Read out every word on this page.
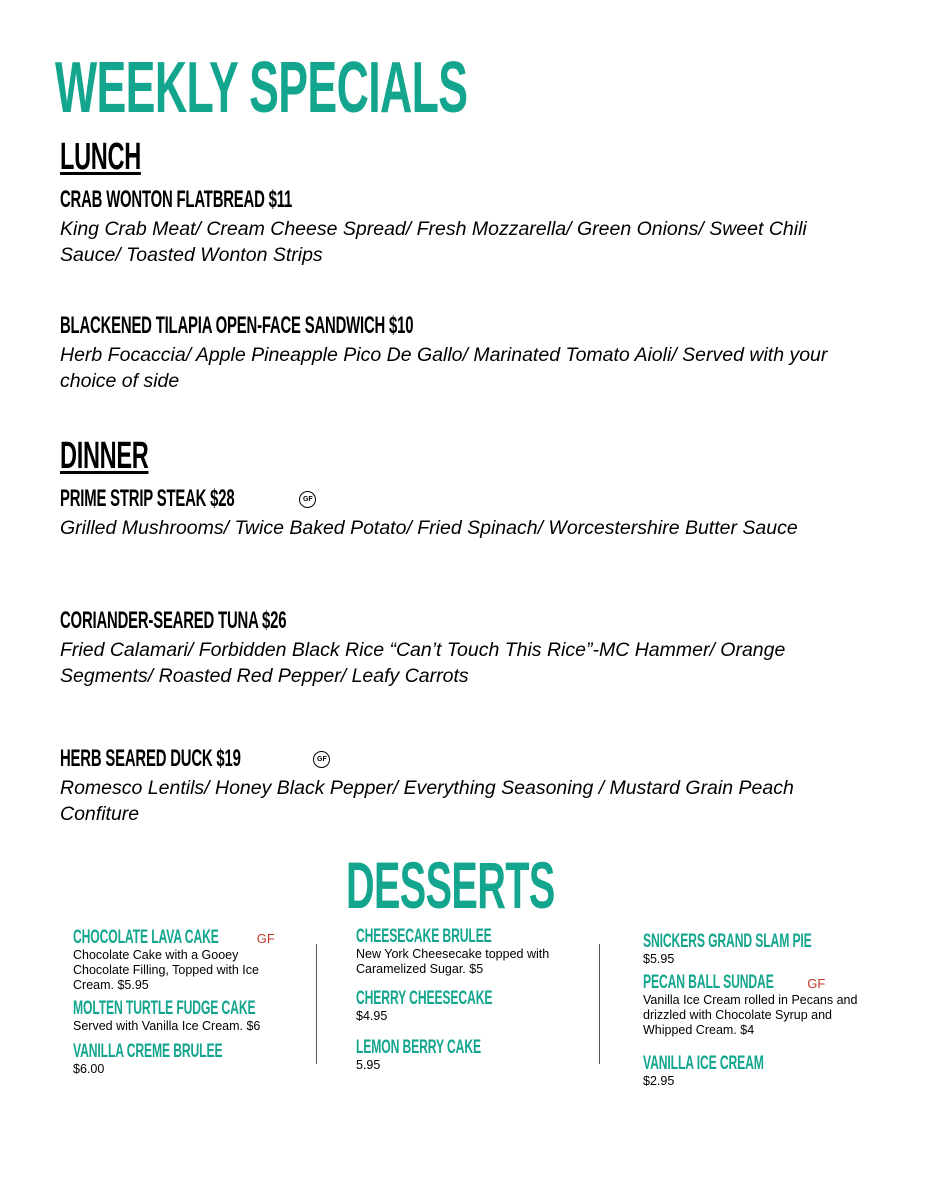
WEEKLY SPECIALS
LUNCH
CRAB WONTON FLATBREAD $11
King Crab Meat/ Cream Cheese Spread/ Fresh Mozzarella/ Green Onions/ Sweet Chili Sauce/ Toasted Wonton Strips
BLACKENED TILAPIA OPEN-FACE SANDWICH $10
Herb Focaccia/ Apple Pineapple Pico De Gallo/ Marinated Tomato Aioli/ Served with your choice of side
DINNER
PRIME STRIP STEAK $28	GF
Grilled Mushrooms/ Twice Baked Potato/ Fried Spinach/ Worcestershire Butter Sauce
CORIANDER-SEARED TUNA $26
Fried Calamari/ Forbidden Black Rice “Can’t Touch This Rice”-MC Hammer/ Orange Segments/ Roasted Red Pepper/ Leafy Carrots
HERB SEARED DUCK $19	GF
Romesco Lentils/ Honey Black Pepper/ Everything Seasoning / Mustard Grain Peach Confiture
DESSERTS
CHOCOLATE LAVA CAKE	GF
Chocolate Cake with a Gooey Chocolate Filling, Topped with Ice Cream. $5.95
MOLTEN TURTLE FUDGE CAKE
Served with Vanilla Ice Cream. $6
VANILLA CREME BRULEE
$6.00
CHEESECAKE BRULEE
New York Cheesecake topped with Caramelized Sugar. $5
CHERRY CHEESECAKE
$4.95
LEMON BERRY CAKE
5.95
SNICKERS GRAND SLAM PIE
$5.95
PECAN BALL SUNDAE	GF
Vanilla Ice Cream rolled in Pecans and drizzled with Chocolate Syrup and Whipped Cream. $4
VANILLA ICE CREAM
$2.95
